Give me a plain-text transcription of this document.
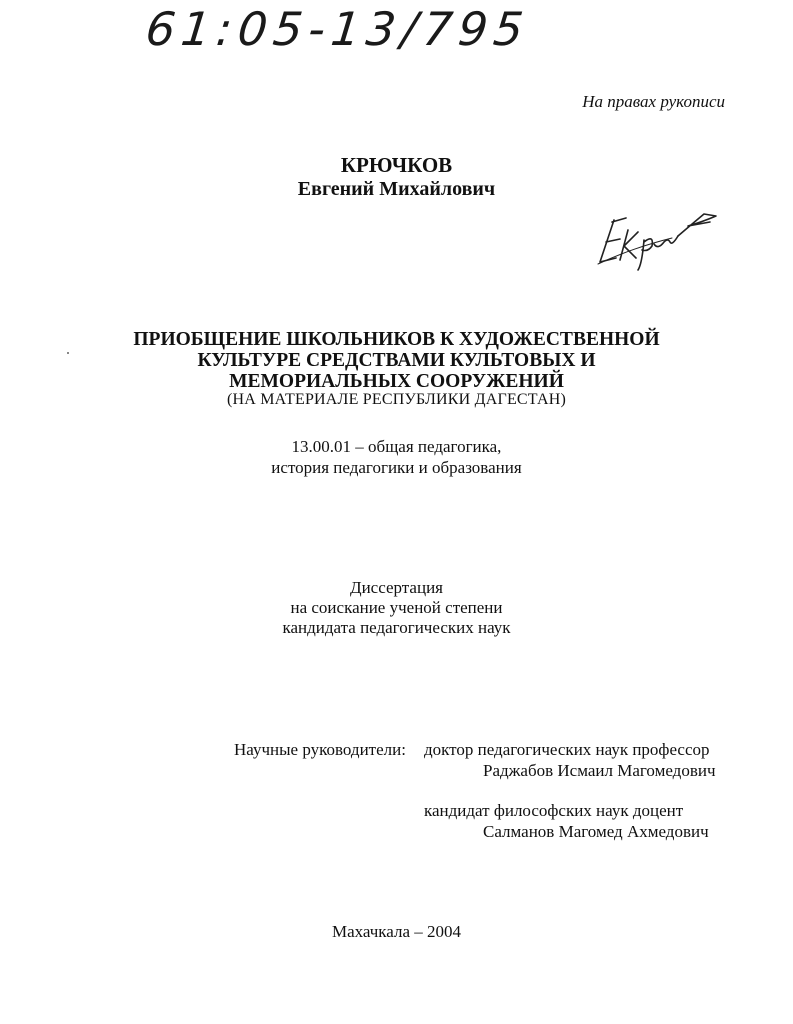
61:05-13/795
На правах рукописи
КРЮЧКОВ
Евгений Михайлович
ПРИОБЩЕНИЕ ШКОЛЬНИКОВ К ХУДОЖЕСТВЕННОЙ
КУЛЬТУРЕ СРЕДСТВАМИ КУЛЬТОВЫХ И
МЕМОРИАЛЬНЫХ СООРУЖЕНИЙ
(НА МАТЕРИАЛЕ РЕСПУБЛИКИ ДАГЕСТАН)
13.00.01 – общая педагогика,
история педагогики и образования
Диссертация
на соискание ученой степени
кандидата педагогических наук
Научные руководители: доктор педагогических наук профессор
Раджабов Исмаил Магомедович
кандидат философских наук доцент
Салманов Магомед Ахмедович
Махачкала – 2004
